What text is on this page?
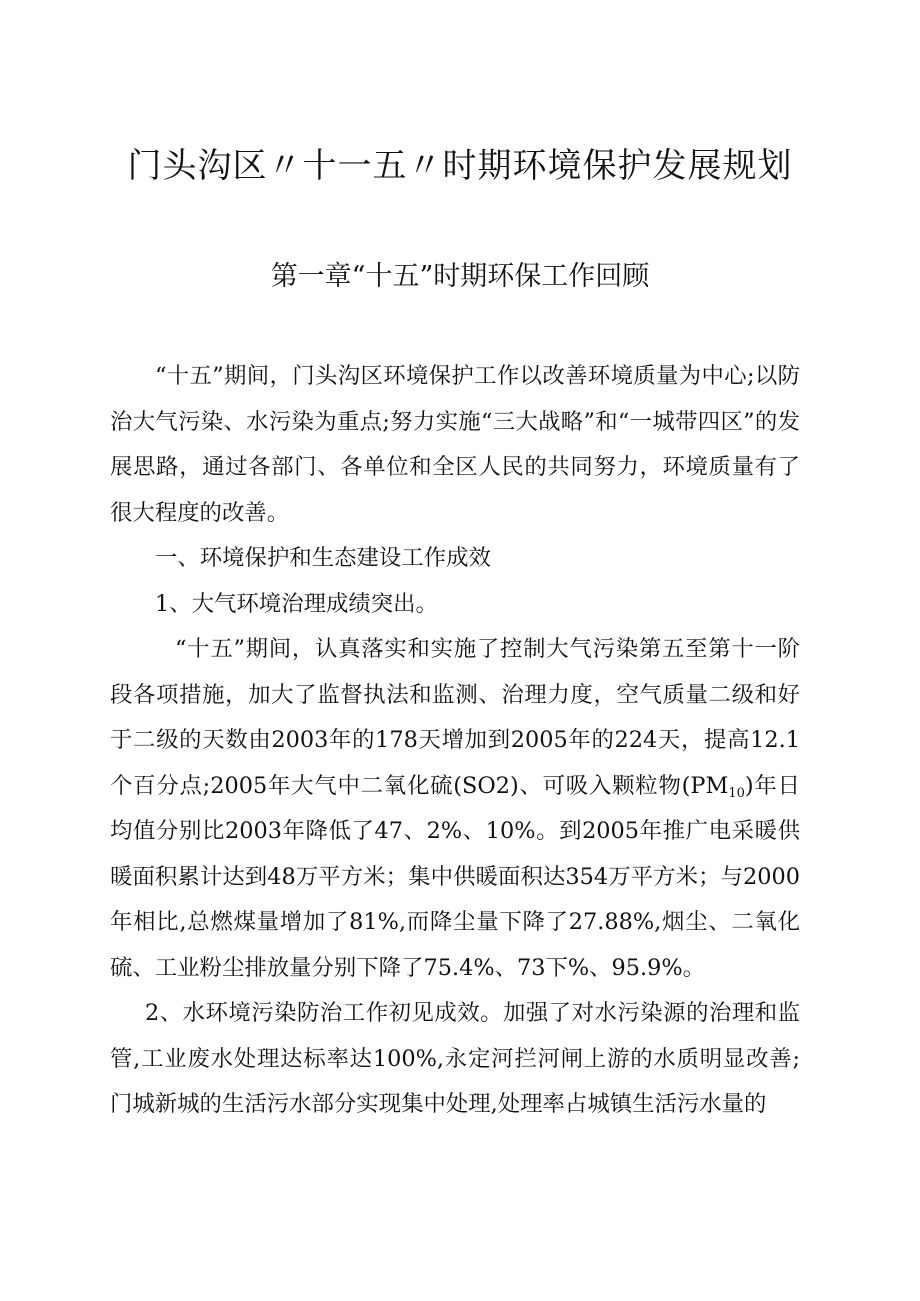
门头沟区〃十一五〃时期环境保护发展规划
第一章“十五”时期环保工作回顾

“十五”期间，门头沟区环境保护工作以改善环境质量为中心;以防治大气污染、水污染为重点;努力实施“三大战略”和“一城带四区”的发展思路，通过各部门、各单位和全区人民的共同努力，环境质量有了很大程度的改善。

一、环境保护和生态建设工作成效

1、大气环境治理成绩突出。

“十五”期间，认真落实和实施了控制大气污染第五至第十一阶段各项措施，加大了监督执法和监测、治理力度，空气质量二级和好于二级的天数由2003年的178天增加到2005年的224天，提高12.1个百分点;2005年大气中二氧化硫(SO2)、可吸入颗粒物$(PM_{10})$年日均值分别比2003年降低了47、2%、10%。到2005年推广电采暖供暖面积累计达到48万平方米；集中供暖面积达354万平方米；与2000年相比,总燃煤量增加了81%,而降尘量下降了27.88%,烟尘、二氧化硫、工业粉尘排放量分别下降了75.4%、73下%、95.9%。

2、水环境污染防治工作初见成效。加强了对水污染源的治理和监管,工业废水处理达标率达100%,永定河拦河闸上游的水质明显改善;门城新城的生活污水部分实现集中处理,处理率占城镇生活污水量的
